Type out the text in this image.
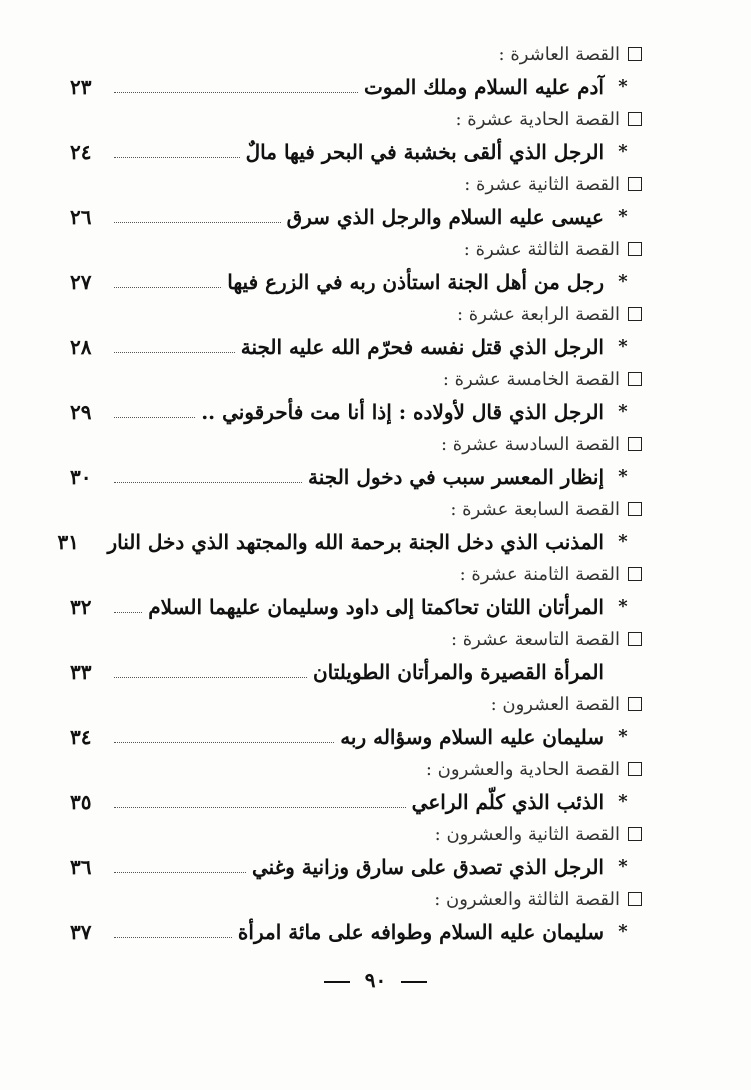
القصة العاشرة :
*
آدم عليه السلام وملك الموت
٢٣
القصة الحادية عشرة :
*
الرجل الذي ألقى بخشبة في البحر فيها مالٌ
٢٤
القصة الثانية عشرة :
*
عيسى عليه السلام والرجل الذي سرق
٢٦
القصة الثالثة عشرة :
*
رجل من أهل الجنة استأذن ربه في الزرع فيها
٢٧
القصة الرابعة عشرة :
*
الرجل الذي قتل نفسه فحرّم الله عليه الجنة
٢٨
القصة الخامسة عشرة :
*
الرجل الذي قال لأولاده : إذا أنا مت فأحرقوني ..
٢٩
القصة السادسة عشرة :
*
إنظار المعسر سبب في دخول الجنة
٣٠
القصة السابعة عشرة :
*
المذنب الذي دخل الجنة برحمة الله والمجتهد الذي دخل النار
٣١
القصة الثامنة عشرة :
*
المرأتان اللتان تحاكمتا إلى داود وسليمان عليهما السلام
٣٢
القصة التاسعة عشرة :
المرأة القصيرة والمرأتان الطويلتان
٣٣
القصة العشرون :
*
سليمان عليه السلام وسؤاله ربه
٣٤
القصة الحادية والعشرون :
*
الذئب الذي كلّم الراعي
٣٥
القصة الثانية والعشرون :
*
الرجل الذي تصدق على سارق وزانية وغني
٣٦
القصة الثالثة والعشرون :
*
سليمان عليه السلام وطوافه على مائة امرأة
٣٧
٩٠
